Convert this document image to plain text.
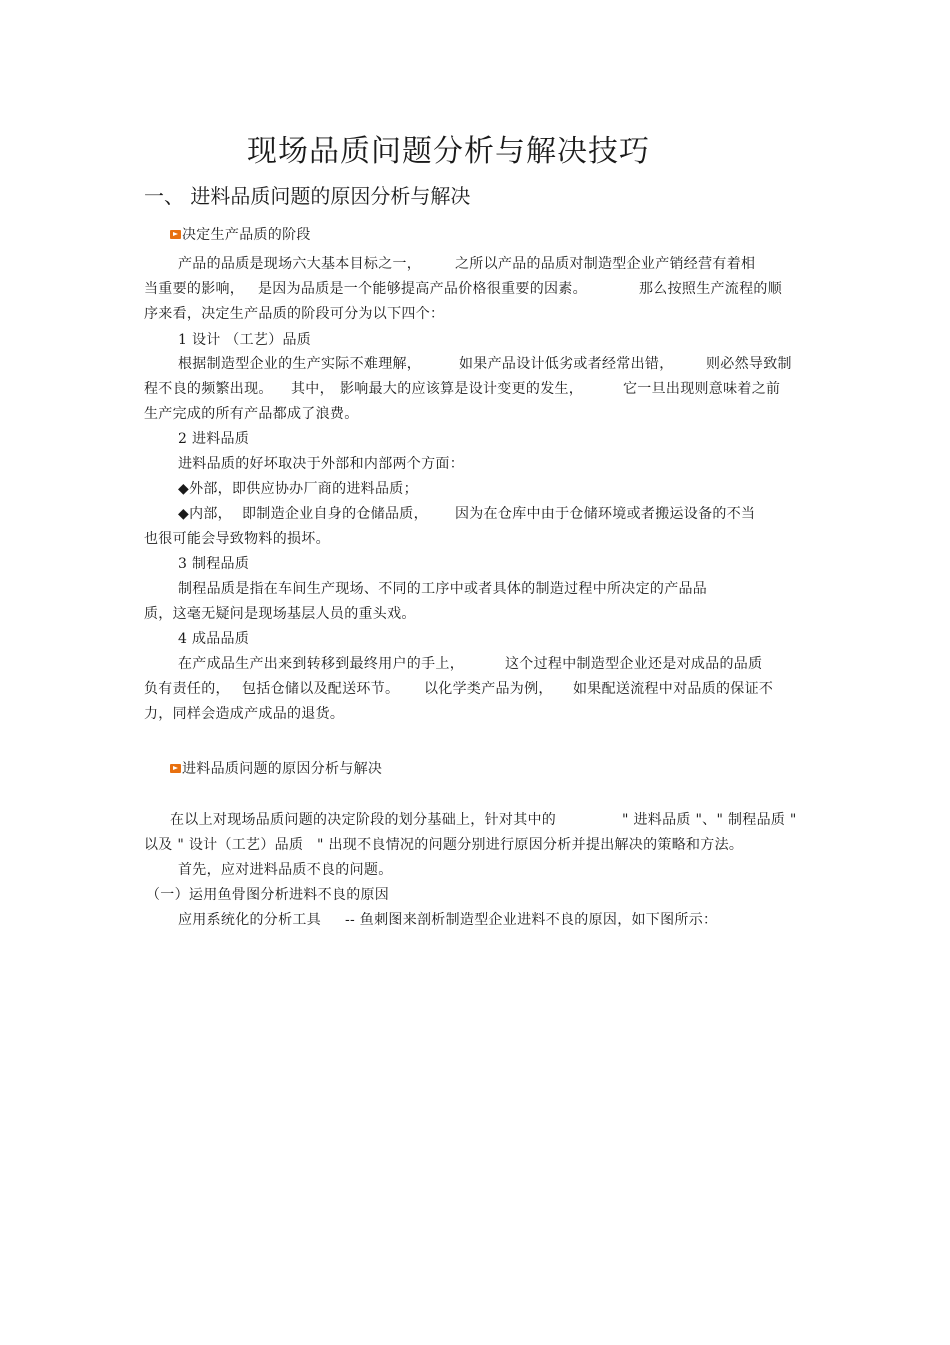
现场品质问题分析与解决技巧
一、 进料品质问题的原因分析与解决
决定生产品质的阶段
产品的品质是现场六大基本目标之一， 之所以产品的品质对制造型企业产销经营有着相
当重要的影响， 是因为品质是一个能够提高产品价格很重要的因素。	那么按照生产流程的顺
序来看，决定生产品质的阶段可分为以下四个：
1 设计 （工艺）品质
根据制造型企业的生产实际不难理解，	如果产品设计低劣或者经常出错， 则必然导致制
程不良的频繁出现。 其中， 影响最大的应该算是设计变更的发生，	它一旦出现则意味着之前
生产完成的所有产品都成了浪费。
2 进料品质
进料品质的好坏取决于外部和内部两个方面：
◆外部，即供应协办厂商的进料品质；
◆内部， 即制造企业自身的仓储品质， 因为在仓库中由于仓储环境或者搬运设备的不当
也很可能会导致物料的损坏。
3 制程品质
制程品质是指在车间生产现场、不同的工序中或者具体的制造过程中所决定的产品品
质，这毫无疑问是现场基层人员的重头戏。
4 成品品质
在产成品生产出来到转移到最终用户的手上，	这个过程中制造型企业还是对成品的品质
负有责任的， 包括仓储以及配送环节。 以化学类产品为例， 如果配送流程中对品质的保证不
力，同样会造成产成品的退货。
进料品质问题的原因分析与解决
在以上对现场品质问题的决定阶段的划分基础上，针对其中的	" 进料品质 "、" 制程品质 "
以及 " 设计（工艺）品质 " 出现不良情况的问题分别进行原因分析并提出解决的策略和方法。
首先，应对进料品质不良的问题。
（一）运用鱼骨图分析进料不良的原因
应用系统化的分析工具 -- 鱼刺图来剖析制造型企业进料不良的原因，如下图所示：
